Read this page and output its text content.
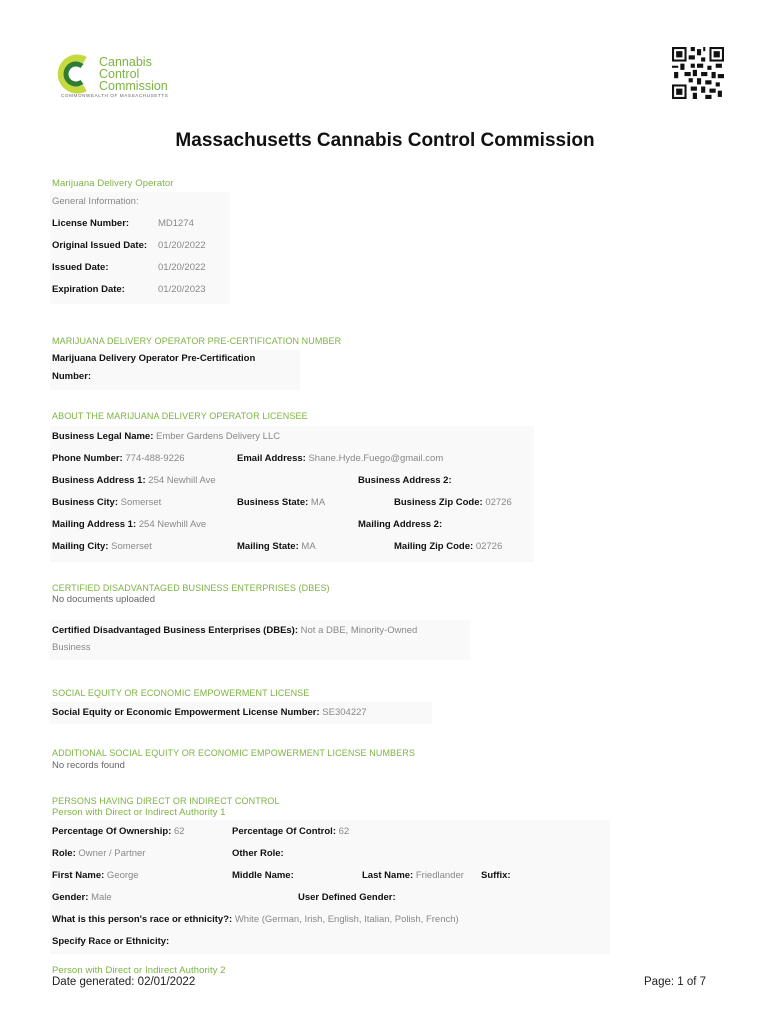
Cannabis
Control
Commission
COMMONWEALTH OF MASSACHUSETTS
Massachusetts Cannabis Control Commission
Marijuana Delivery Operator
General Information:
License Number:	MD1274
Original Issued Date: 01/20/2022
Issued Date:	01/20/2022
Expiration Date:	01/20/2023
MARIJUANA DELIVERY OPERATOR PRE-CERTIFICATION NUMBER
Marijuana Delivery Operator Pre-Certification
Number:
ABOUT THE MARIJUANA DELIVERY OPERATOR LICENSEE
Business Legal Name: Ember Gardens Delivery LLC
Phone Number: 774-488-9226	Email Address: Shane.Hyde.Fuego@gmail.com
Business Address 1: 254 Newhill Ave	Business Address 2:
Business City: Somerset	Business State: MA	Business Zip Code: 02726
Mailing Address 1: 254 Newhill Ave	Mailing Address 2:
Mailing City: Somerset	Mailing State: MA	Mailing Zip Code: 02726
CERTIFIED DISADVANTAGED BUSINESS ENTERPRISES (DBES)
No documents uploaded
Certified Disadvantaged Business Enterprises (DBEs): Not a DBE, Minority-Owned
Business
SOCIAL EQUITY OR ECONOMIC EMPOWERMENT LICENSE
Social Equity or Economic Empowerment License Number: SE304227
ADDITIONAL SOCIAL EQUITY OR ECONOMIC EMPOWERMENT LICENSE NUMBERS
No records found
PERSONS HAVING DIRECT OR INDIRECT CONTROL
Person with Direct or Indirect Authority 1
Percentage Of Ownership: 62	Percentage Of Control: 62
Role: Owner / Partner	Other Role:
First Name: George	Middle Name:	Last Name: Friedlander Suffix:
Gender: Male	User Defined Gender:
What is this person's race or ethnicity?: White (German, Irish, English, Italian, Polish, French)
Specify Race or Ethnicity:
Person with Direct or Indirect Authority 2
Date generated: 02/01/2022	Page: 1 of 7
